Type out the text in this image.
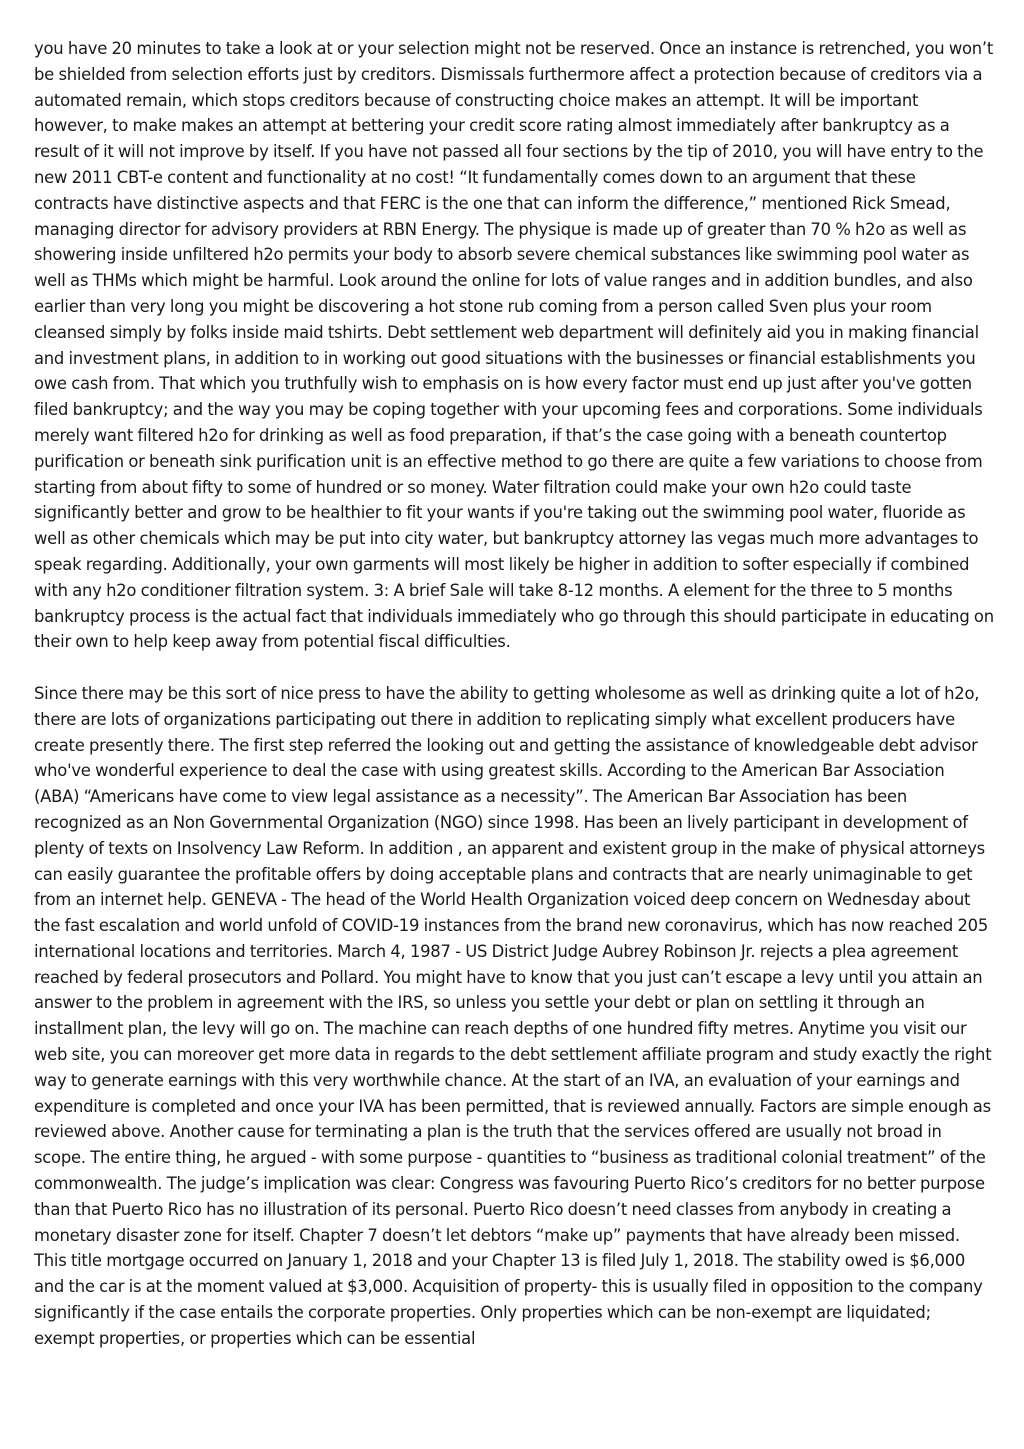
you have 20 minutes to take a look at or your selection might not be reserved. Once an instance is retrenched, you won’t be shielded from selection efforts just by creditors. Dismissals furthermore affect a protection because of creditors via a automated remain, which stops creditors because of constructing choice makes an attempt. It will be important however, to make makes an attempt at bettering your credit score rating almost immediately after bankruptcy as a result of it will not improve by itself. If you have not passed all four sections by the tip of 2010, you will have entry to the new 2011 CBT-e content and functionality at no cost! “It fundamentally comes down to an argument that these contracts have distinctive aspects and that FERC is the one that can inform the difference,” mentioned Rick Smead, managing director for advisory providers at RBN Energy. The physique is made up of greater than 70 % h2o as well as showering inside unfiltered h2o permits your body to absorb severe chemical substances like swimming pool water as well as THMs which might be harmful. Look around the online for lots of value ranges and in addition bundles, and also earlier than very long you might be discovering a hot stone rub coming from a person called Sven plus your room cleansed simply by folks inside maid tshirts. Debt settlement web department will definitely aid you in making financial and investment plans, in addition to in working out good situations with the businesses or financial establishments you owe cash from. That which you truthfully wish to emphasis on is how every factor must end up just after you've gotten filed bankruptcy; and the way you may be coping together with your upcoming fees and corporations. Some individuals merely want filtered h2o for drinking as well as food preparation, if that’s the case going with a beneath countertop purification or beneath sink purification unit is an effective method to go there are quite a few variations to choose from starting from about fifty to some of hundred or so money. Water filtration could make your own h2o could taste significantly better and grow to be healthier to fit your wants if you're taking out the swimming pool water, fluoride as well as other chemicals which may be put into city water, but bankruptcy attorney las vegas much more advantages to speak regarding. Additionally, your own garments will most likely be higher in addition to softer especially if combined with any h2o conditioner filtration system. 3: A brief Sale will take 8-12 months. A element for the three to 5 months bankruptcy process is the actual fact that individuals immediately who go through this should participate in educating on their own to help keep away from potential fiscal difficulties.

Since there may be this sort of nice press to have the ability to getting wholesome as well as drinking quite a lot of h2o, there are lots of organizations participating out there in addition to replicating simply what excellent producers have create presently there. The first step referred the looking out and getting the assistance of knowledgeable debt advisor who've wonderful experience to deal the case with using greatest skills. According to the American Bar Association (ABA) “Americans have come to view legal assistance as a necessity”. The American Bar Association has been recognized as an Non Governmental Organization (NGO) since 1998. Has been an lively participant in development of plenty of texts on Insolvency Law Reform. In addition , an apparent and existent group in the make of physical attorneys can easily guarantee the profitable offers by doing acceptable plans and contracts that are nearly unimaginable to get from an internet help. GENEVA - The head of the World Health Organization voiced deep concern on Wednesday about the fast escalation and world unfold of COVID-19 instances from the brand new coronavirus, which has now reached 205 international locations and territories. March 4, 1987 - US District Judge Aubrey Robinson Jr. rejects a plea agreement reached by federal prosecutors and Pollard. You might have to know that you just can’t escape a levy until you attain an answer to the problem in agreement with the IRS, so unless you settle your debt or plan on settling it through an installment plan, the levy will go on. The machine can reach depths of one hundred fifty metres. Anytime you visit our web site, you can moreover get more data in regards to the debt settlement affiliate program and study exactly the right way to generate earnings with this very worthwhile chance. At the start of an IVA, an evaluation of your earnings and expenditure is completed and once your IVA has been permitted, that is reviewed annually. Factors are simple enough as reviewed above. Another cause for terminating a plan is the truth that the services offered are usually not broad in scope. The entire thing, he argued - with some purpose - quantities to “business as traditional colonial treatment” of the commonwealth. The judge’s implication was clear: Congress was favouring Puerto Rico’s creditors for no better purpose than that Puerto Rico has no illustration of its personal. Puerto Rico doesn’t need classes from anybody in creating a monetary disaster zone for itself. Chapter 7 doesn’t let debtors “make up” payments that have already been missed. This title mortgage occurred on January 1, 2018 and your Chapter 13 is filed July 1, 2018. The stability owed is $6,000 and the car is at the moment valued at $3,000. Acquisition of property- this is usually filed in opposition to the company significantly if the case entails the corporate properties. Only properties which can be non-exempt are liquidated; exempt properties, or properties which can be essential
